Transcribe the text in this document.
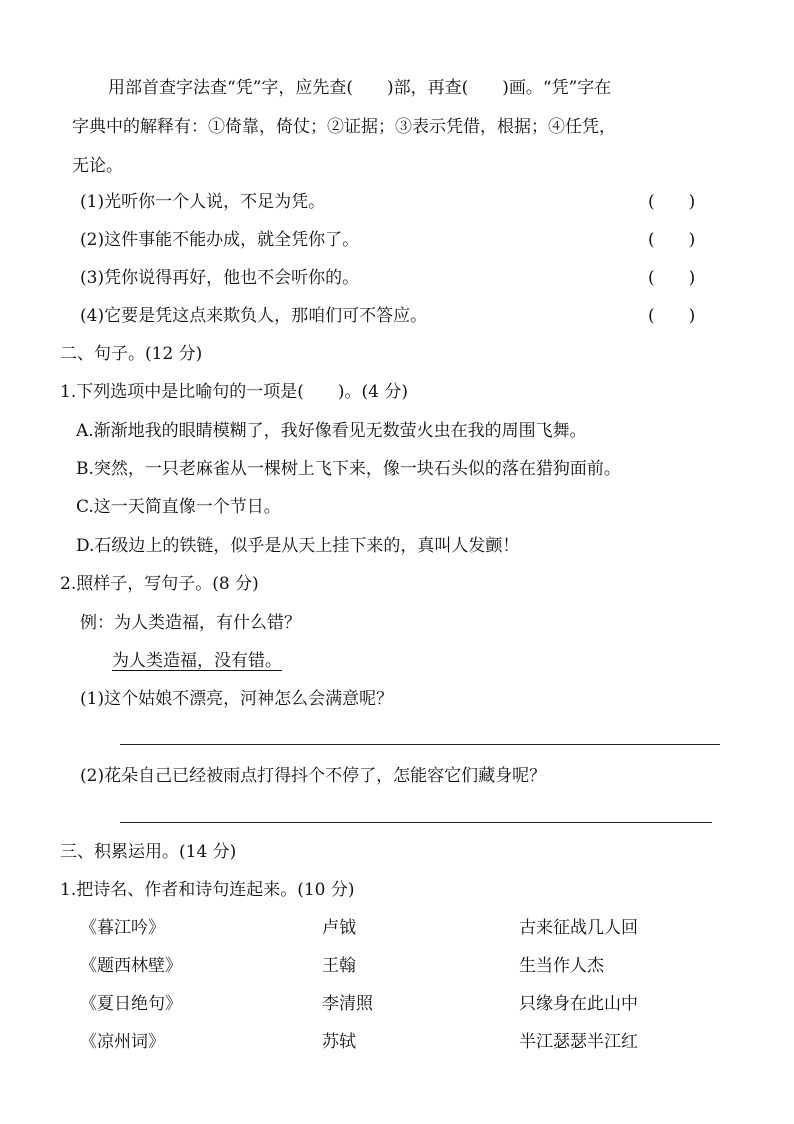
用部首查字法查“凭”字，应先查(　　)部，再查(　　)画。“凭”字在
字典中的解释有：①倚靠，倚仗；②证据；③表示凭借，根据；④任凭，
无论。
(1)光听你一个人说，不足为凭。	(　　)
(2)这件事能不能办成，就全凭你了。	(　　)
(3)凭你说得再好，他也不会听你的。	(　　)
(4)它要是凭这点来欺负人，那咱们可不答应。	(　　)
二、句子。(12 分)
1.下列选项中是比喻句的一项是(　　)。(4 分)
A.渐渐地我的眼睛模糊了，我好像看见无数萤火虫在我的周围飞舞。
B.突然，一只老麻雀从一棵树上飞下来，像一块石头似的落在猎狗面前。
C.这一天简直像一个节日。
D.石级边上的铁链，似乎是从天上挂下来的，真叫人发颤！
2.照样子，写句子。(8 分)
例：为人类造福，有什么错？
为人类造福，没有错。
(1)这个姑娘不漂亮，河神怎么会满意呢？
(2)花朵自己已经被雨点打得抖个不停了，怎能容它们藏身呢？
三、积累运用。(14 分)
1.把诗名、作者和诗句连起来。(10 分)
《暮江吟》	卢钺	古来征战几人回
《题西林壁》	王翰	生当作人杰
《夏日绝句》	李清照	只缘身在此山中
《凉州词》	苏轼	半江瑟瑟半江红
